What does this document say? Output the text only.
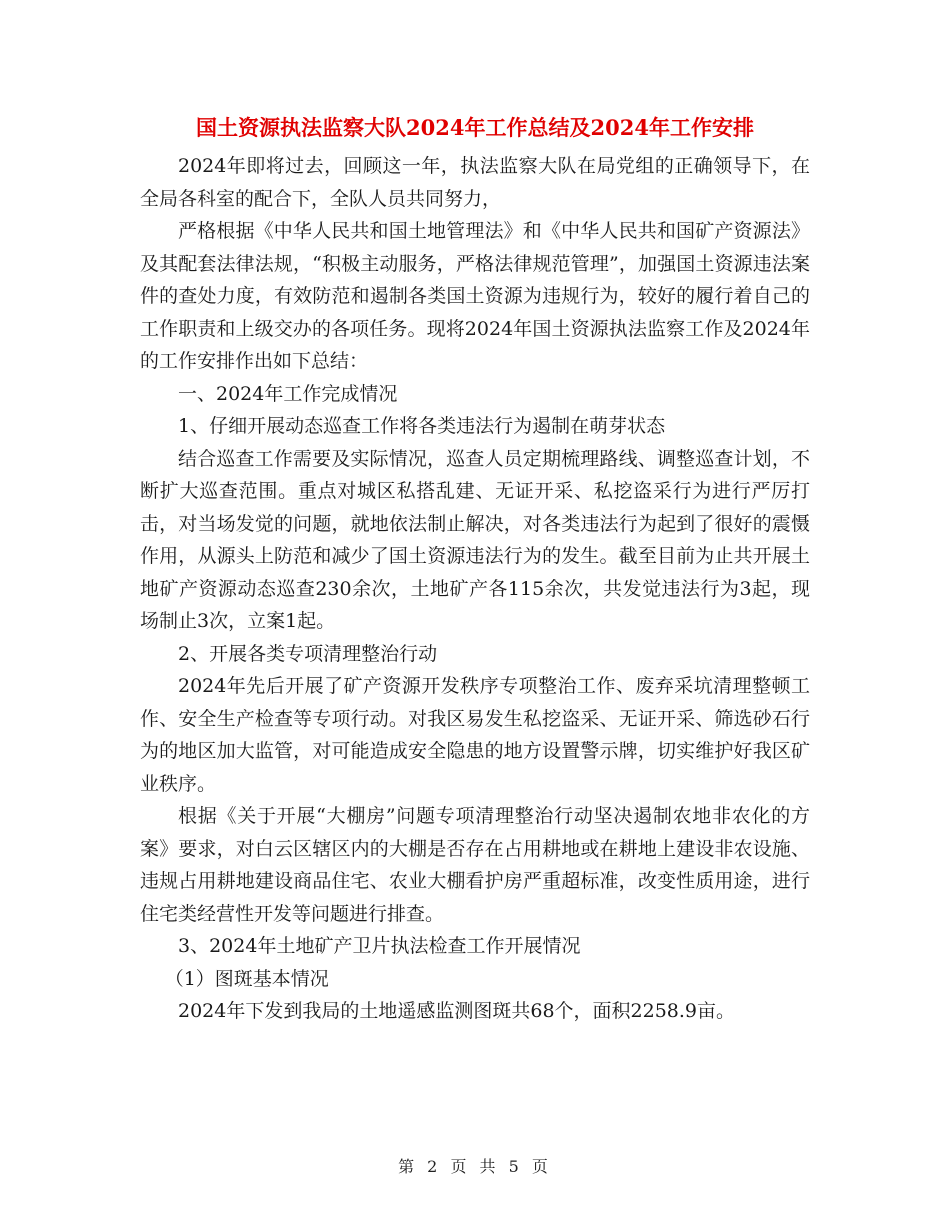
国土资源执法监察大队2024年工作总结及2024年工作安排

2024年即将过去，回顾这一年，执法监察大队在局党组的正确领导下，在全局各科室的配合下，全队人员共同努力，

严格根据《中华人民共和国土地管理法》和《中华人民共和国矿产资源法》及其配套法律法规，“积极主动服务，严格法律规范管理”，加强国土资源违法案件的查处力度，有效防范和遏制各类国土资源为违规行为，较好的履行着自己的工作职责和上级交办的各项任务。现将2024年国土资源执法监察工作及2024年的工作安排作出如下总结：

一、2024年工作完成情况

1、仔细开展动态巡查工作将各类违法行为遏制在萌芽状态

结合巡查工作需要及实际情况，巡查人员定期梳理路线、调整巡查计划，不断扩大巡查范围。重点对城区私搭乱建、无证开采、私挖盗采行为进行严厉打击，对当场发觉的问题，就地依法制止解决，对各类违法行为起到了很好的震慑作用，从源头上防范和减少了国土资源违法行为的发生。截至目前为止共开展土地矿产资源动态巡查230余次，土地矿产各115余次，共发觉违法行为3起，现场制止3次，立案1起。

2、开展各类专项清理整治行动

2024年先后开展了矿产资源开发秩序专项整治工作、废弃采坑清理整顿工作、安全生产检查等专项行动。对我区易发生私挖盗采、无证开采、筛选砂石行为的地区加大监管，对可能造成安全隐患的地方设置警示牌，切实维护好我区矿业秩序。

根据《关于开展“大棚房”问题专项清理整治行动坚决遏制农地非农化的方案》要求，对白云区辖区内的大棚是否存在占用耕地或在耕地上建设非农设施、违规占用耕地建设商品住宅、农业大棚看护房严重超标准，改变性质用途，进行住宅类经营性开发等问题进行排查。

3、2024年土地矿产卫片执法检查工作开展情况

（1）图斑基本情况

2024年下发到我局的土地遥感监测图斑共68个，面积2258.9亩。

第 2 页 共 5 页
